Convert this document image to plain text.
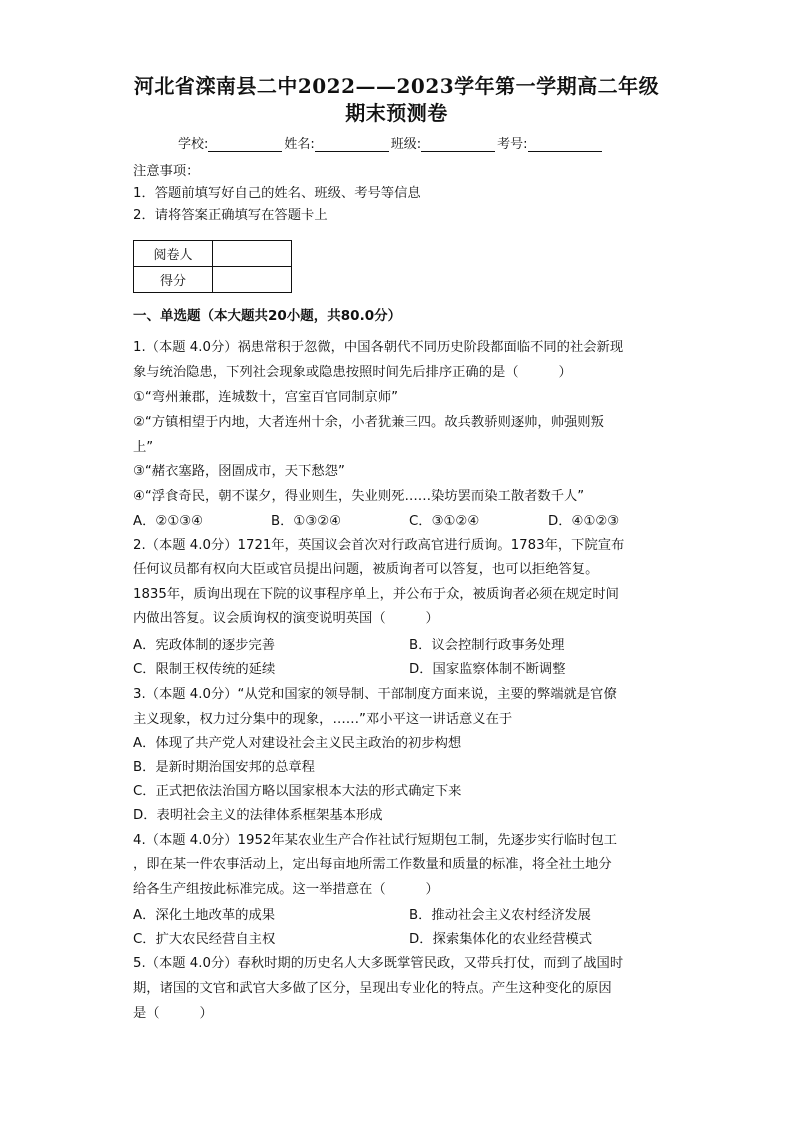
河北省滦南县二中2022——2023学年第一学期高二年级
期末预测卷
学校:	姓名:	班级:	考号:
注意事项：
1．答题前填写好自己的姓名、班级、考号等信息
2．请将答案正确填写在答题卡上
阅卷人	
得分	
一、单选题（本大题共20小题，共80.0分）
1.（本题 4.0分）祸患常积于忽微，中国各朝代不同历史阶段都面临不同的社会新现
象与统治隐患，下列社会现象或隐患按照时间先后排序正确的是（　　　）
①“弯州兼郡，连城数十，宫室百官同制京师”
②“方镇相望于内地，大者连州十余，小者犹兼三四。故兵教骄则逐帅，帅强则叛
上”
③“赭衣塞路，囹圄成市，天下愁怨”
④“浮食奇民，朝不谋夕，得业则生，失业则死……染坊罢而染工散者数千人”
A．②①③④	B．①③②④	C．③①②④	D．④①②③
2.（本题 4.0分）1721年，英国议会首次对行政高官进行质询。1783年，下院宣布
任何议员都有权向大臣或官员提出问题，被质询者可以答复，也可以拒绝答复。
1835年，质询出现在下院的议事程序单上，并公布于众，被质询者必须在规定时间
内做出答复。议会质询权的演变说明英国（　　　）
A．宪政体制的逐步完善	B．议会控制行政事务处理
C．限制王权传统的延续	D．国家监察体制不断调整
3.（本题 4.0分）“从党和国家的领导制、干部制度方面来说，主要的弊端就是官僚
主义现象，权力过分集中的现象，……”邓小平这一讲话意义在于
A．体现了共产党人对建设社会主义民主政治的初步构想
B．是新时期治国安邦的总章程
C．正式把依法治国方略以国家根本大法的形式确定下来
D．表明社会主义的法律体系框架基本形成
4.（本题 4.0分）1952年某农业生产合作社试行短期包工制，先逐步实行临时包工
，即在某一件农事活动上，定出每亩地所需工作数量和质量的标准，将全社土地分
给各生产组按此标准完成。这一举措意在（　　　）
A．深化土地改革的成果	B．推动社会主义农村经济发展
C．扩大农民经营自主权	D．探索集体化的农业经营模式
5.（本题 4.0分）春秋时期的历史名人大多既掌管民政，又带兵打仗，而到了战国时
期，诸国的文官和武官大多做了区分，呈现出专业化的特点。产生这种变化的原因
是（　　　）
